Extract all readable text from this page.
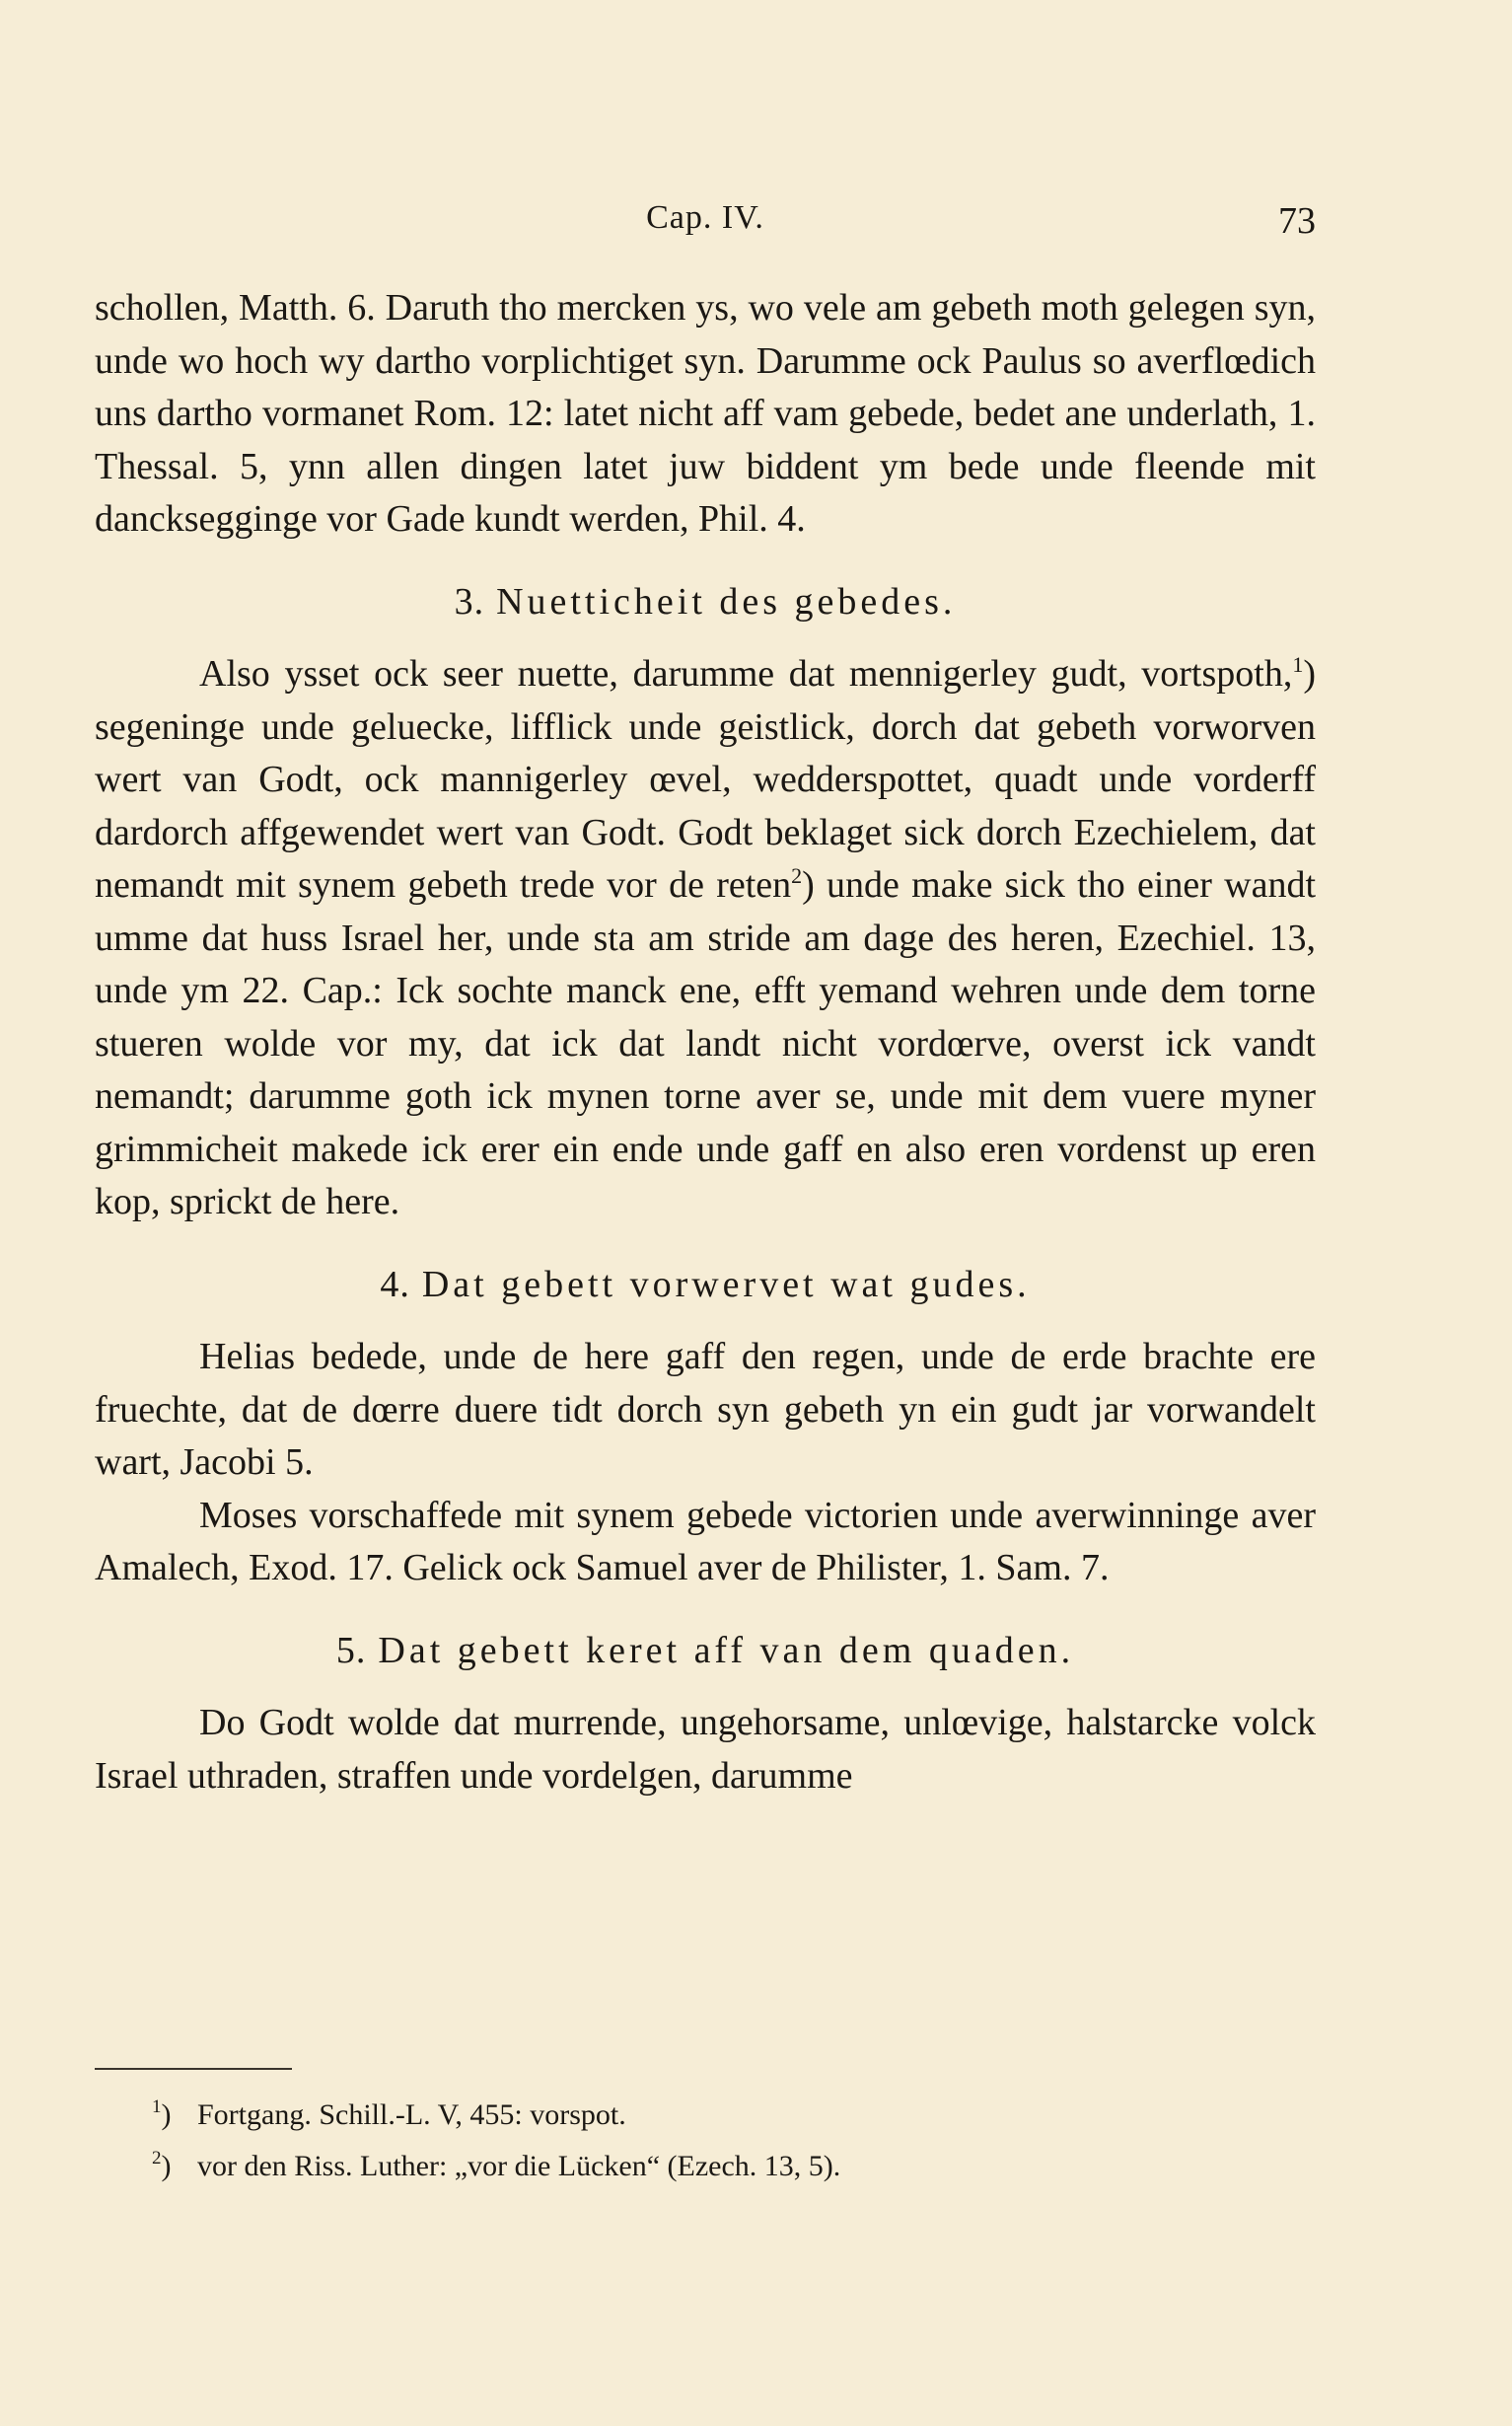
Cap. IV.	73

schollen, Matth. 6. Daruth tho mercken ys, wo vele am gebeth moth gelegen syn, unde wo hoch wy dartho vorplichtiget syn. Darumme ock Paulus so averflœdich uns dartho vormanet Rom. 12: latet nicht aff vam gebede, bedet ane underlath, 1. Thessal. 5, ynn allen dingen latet juw biddent ym bede unde fleende mit dancksegginge vor Gade kundt werden, Phil. 4.

3. Nuetticheit des gebedes.

Also ysset ock seer nuette, darumme dat mennigerley gudt, vortspoth,$^1$) segeninge unde geluecke, lifflick unde geistlick, dorch dat gebeth vorworven wert van Godt, ock mannigerley œvel, wedderspottet, quadt unde vorderff dardorch affgewendet wert van Godt. Godt beklaget sick dorch Ezechielem, dat nemandt mit synem gebeth trede vor de reten$^2$) unde make sick tho einer wandt umme dat huss Israel her, unde sta am stride am dage des heren, Ezechiel. 13, unde ym 22. Cap.: Ick sochte manck ene, efft yemand wehren unde dem torne stueren wolde vor my, dat ick dat landt nicht vordœrve, overst ick vandt nemandt; darumme goth ick mynen torne aver se, unde mit dem vuere myner grimmicheit makede ick erer ein ende unde gaff en also eren vordenst up eren kop, sprickt de here.

4. Dat gebett vorwervet wat gudes.

Helias bedede, unde de here gaff den regen, unde de erde brachte ere fruechte, dat de dœrre duere tidt dorch syn gebeth yn ein gudt jar vorwandelt wart, Jacobi 5.

Moses vorschaffede mit synem gebede victorien unde averwinninge aver Amalech, Exod. 17. Gelick ock Samuel aver de Philister, 1. Sam. 7.

5. Dat gebett keret aff van dem quaden.

Do Godt wolde dat murrende, ungehorsame, unlœvige, halstarcke volck Israel uthraden, straffen unde vordelgen, darumme

$^1$) Fortgang. Schill.-L. V, 455: vorspot.

$^2$) vor den Riss. Luther: „vor die Lücken“ (Ezech. 13, 5).
